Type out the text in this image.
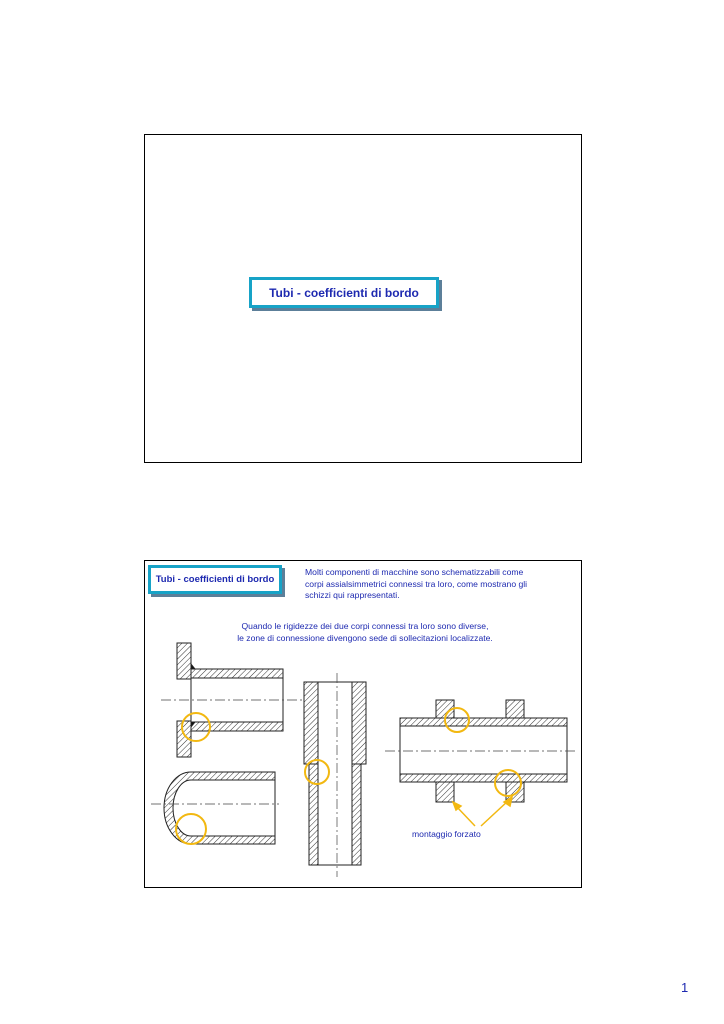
Tubi - coefficienti di bordo
Tubi - coefficienti di bordo
Molti componenti di macchine sono schematizzabili come
corpi assialsimmetrici connessi tra loro, come mostrano gli
schizzi qui rappresentati.
Quando le rigidezze dei due corpi connessi tra loro sono diverse,
le zone di connessione divengono sede di sollecitazioni localizzate.
montaggio forzato
1
